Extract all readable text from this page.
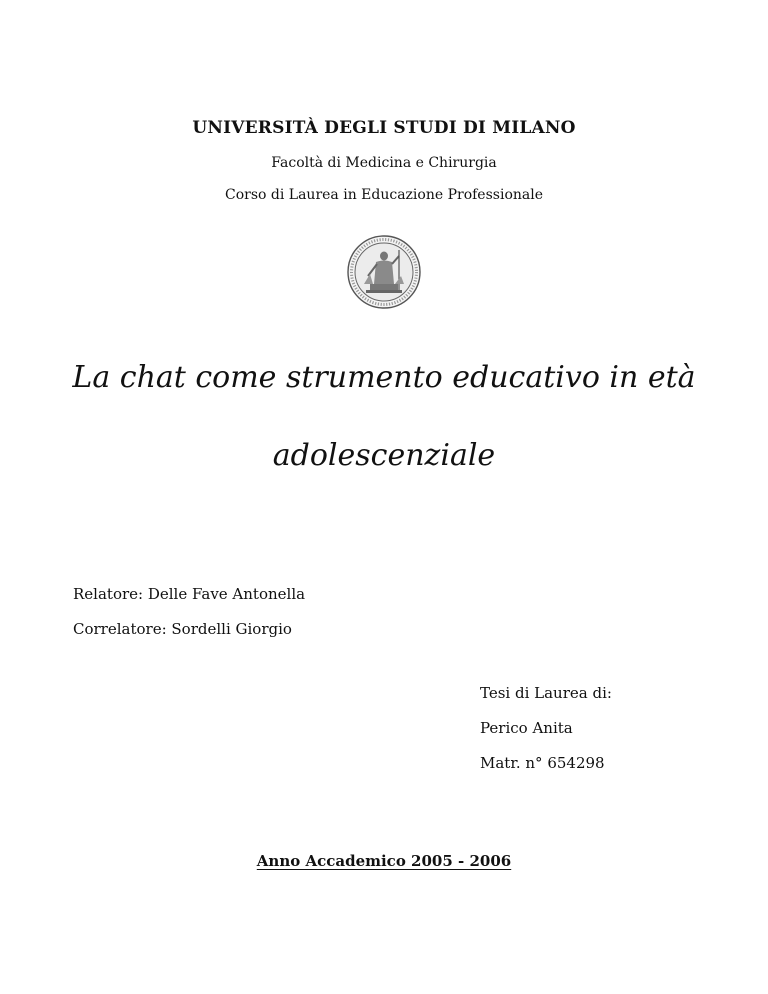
UNIVERSITÀ DEGLI STUDI DI MILANO
Facoltà di Medicina e Chirurgia
Corso di Laurea in Educazione Professionale
La chat come strumento educativo in età
adolescenziale
Relatore: Delle Fave Antonella
Correlatore: Sordelli Giorgio
Tesi di Laurea di:
Perico Anita
Matr. n° 654298
Anno Accademico 2005 - 2006
